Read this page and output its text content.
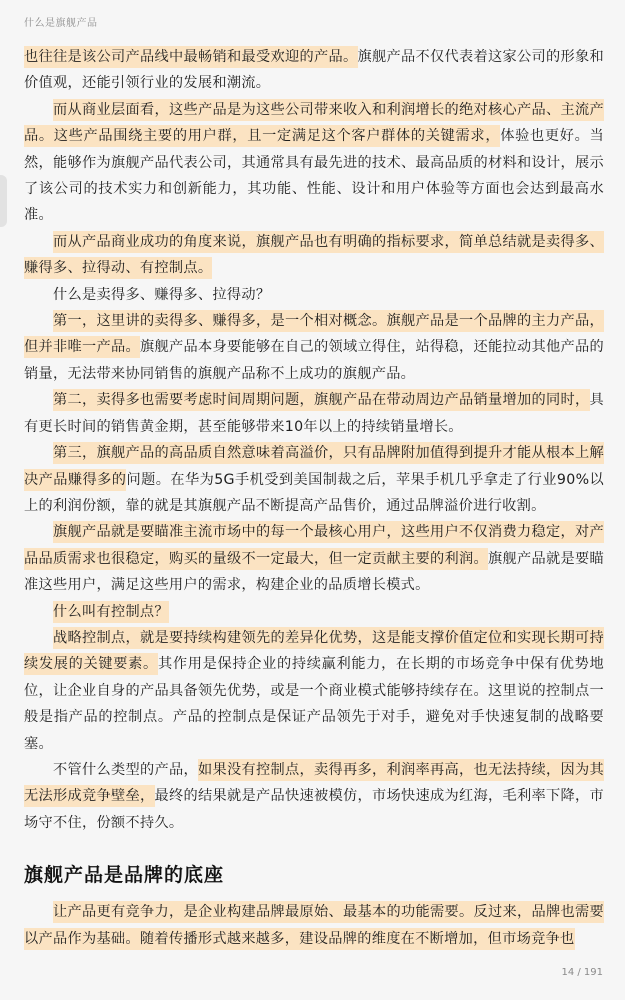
什么是旗舰产品

也往往是该公司产品线中最畅销和最受欢迎的产品。旗舰产品不仅代表着这家公司的形象和价值观，还能引领行业的发展和潮流。

而从商业层面看，这些产品是为这些公司带来收入和利润增长的绝对核心产品、主流产品。这些产品围绕主要的用户群，且一定满足这个客户群体的关键需求，体验也更好。当然，能够作为旗舰产品代表公司，其通常具有最先进的技术、最高品质的材料和设计，展示了该公司的技术实力和创新能力，其功能、性能、设计和用户体验等方面也会达到最高水准。

而从产品商业成功的角度来说，旗舰产品也有明确的指标要求，简单总结就是卖得多、赚得多、拉得动、有控制点。

什么是卖得多、赚得多、拉得动？

第一，这里讲的卖得多、赚得多，是一个相对概念。旗舰产品是一个品牌的主力产品，但并非唯一产品。旗舰产品本身要能够在自己的领域立得住，站得稳，还能拉动其他产品的销量，无法带来协同销售的旗舰产品称不上成功的旗舰产品。

第二，卖得多也需要考虑时间周期问题，旗舰产品在带动周边产品销量增加的同时，具有更长时间的销售黄金期，甚至能够带来10年以上的持续销量增长。

第三，旗舰产品的高品质自然意味着高溢价，只有品牌附加值得到提升才能从根本上解决产品赚得多的问题。在华为5G手机受到美国制裁之后，苹果手机几乎拿走了行业90%以上的利润份额，靠的就是其旗舰产品不断提高产品售价，通过品牌溢价进行收割。

旗舰产品就是要瞄准主流市场中的每一个最核心用户，这些用户不仅消费力稳定，对产品品质需求也很稳定，购买的量级不一定最大，但一定贡献主要的利润。旗舰产品就是要瞄准这些用户，满足这些用户的需求，构建企业的品质增长模式。

什么叫有控制点？

战略控制点，就是要持续构建领先的差异化优势，这是能支撑价值定位和实现长期可持续发展的关键要素。其作用是保持企业的持续赢利能力，在长期的市场竞争中保有优势地位，让企业自身的产品具备领先优势，或是一个商业模式能够持续存在。这里说的控制点一般是指产品的控制点。产品的控制点是保证产品领先于对手，避免对手快速复制的战略要塞。

不管什么类型的产品，如果没有控制点，卖得再多，利润率再高，也无法持续，因为其无法形成竞争壁垒，最终的结果就是产品快速被模仿，市场快速成为红海，毛利率下降，市场守不住，份额不持久。

旗舰产品是品牌的底座

让产品更有竞争力，是企业构建品牌最原始、最基本的功能需要。反过来，品牌也需要以产品作为基础。随着传播形式越来越多，建设品牌的维度在不断增加，但市场竞争也

14 / 191
